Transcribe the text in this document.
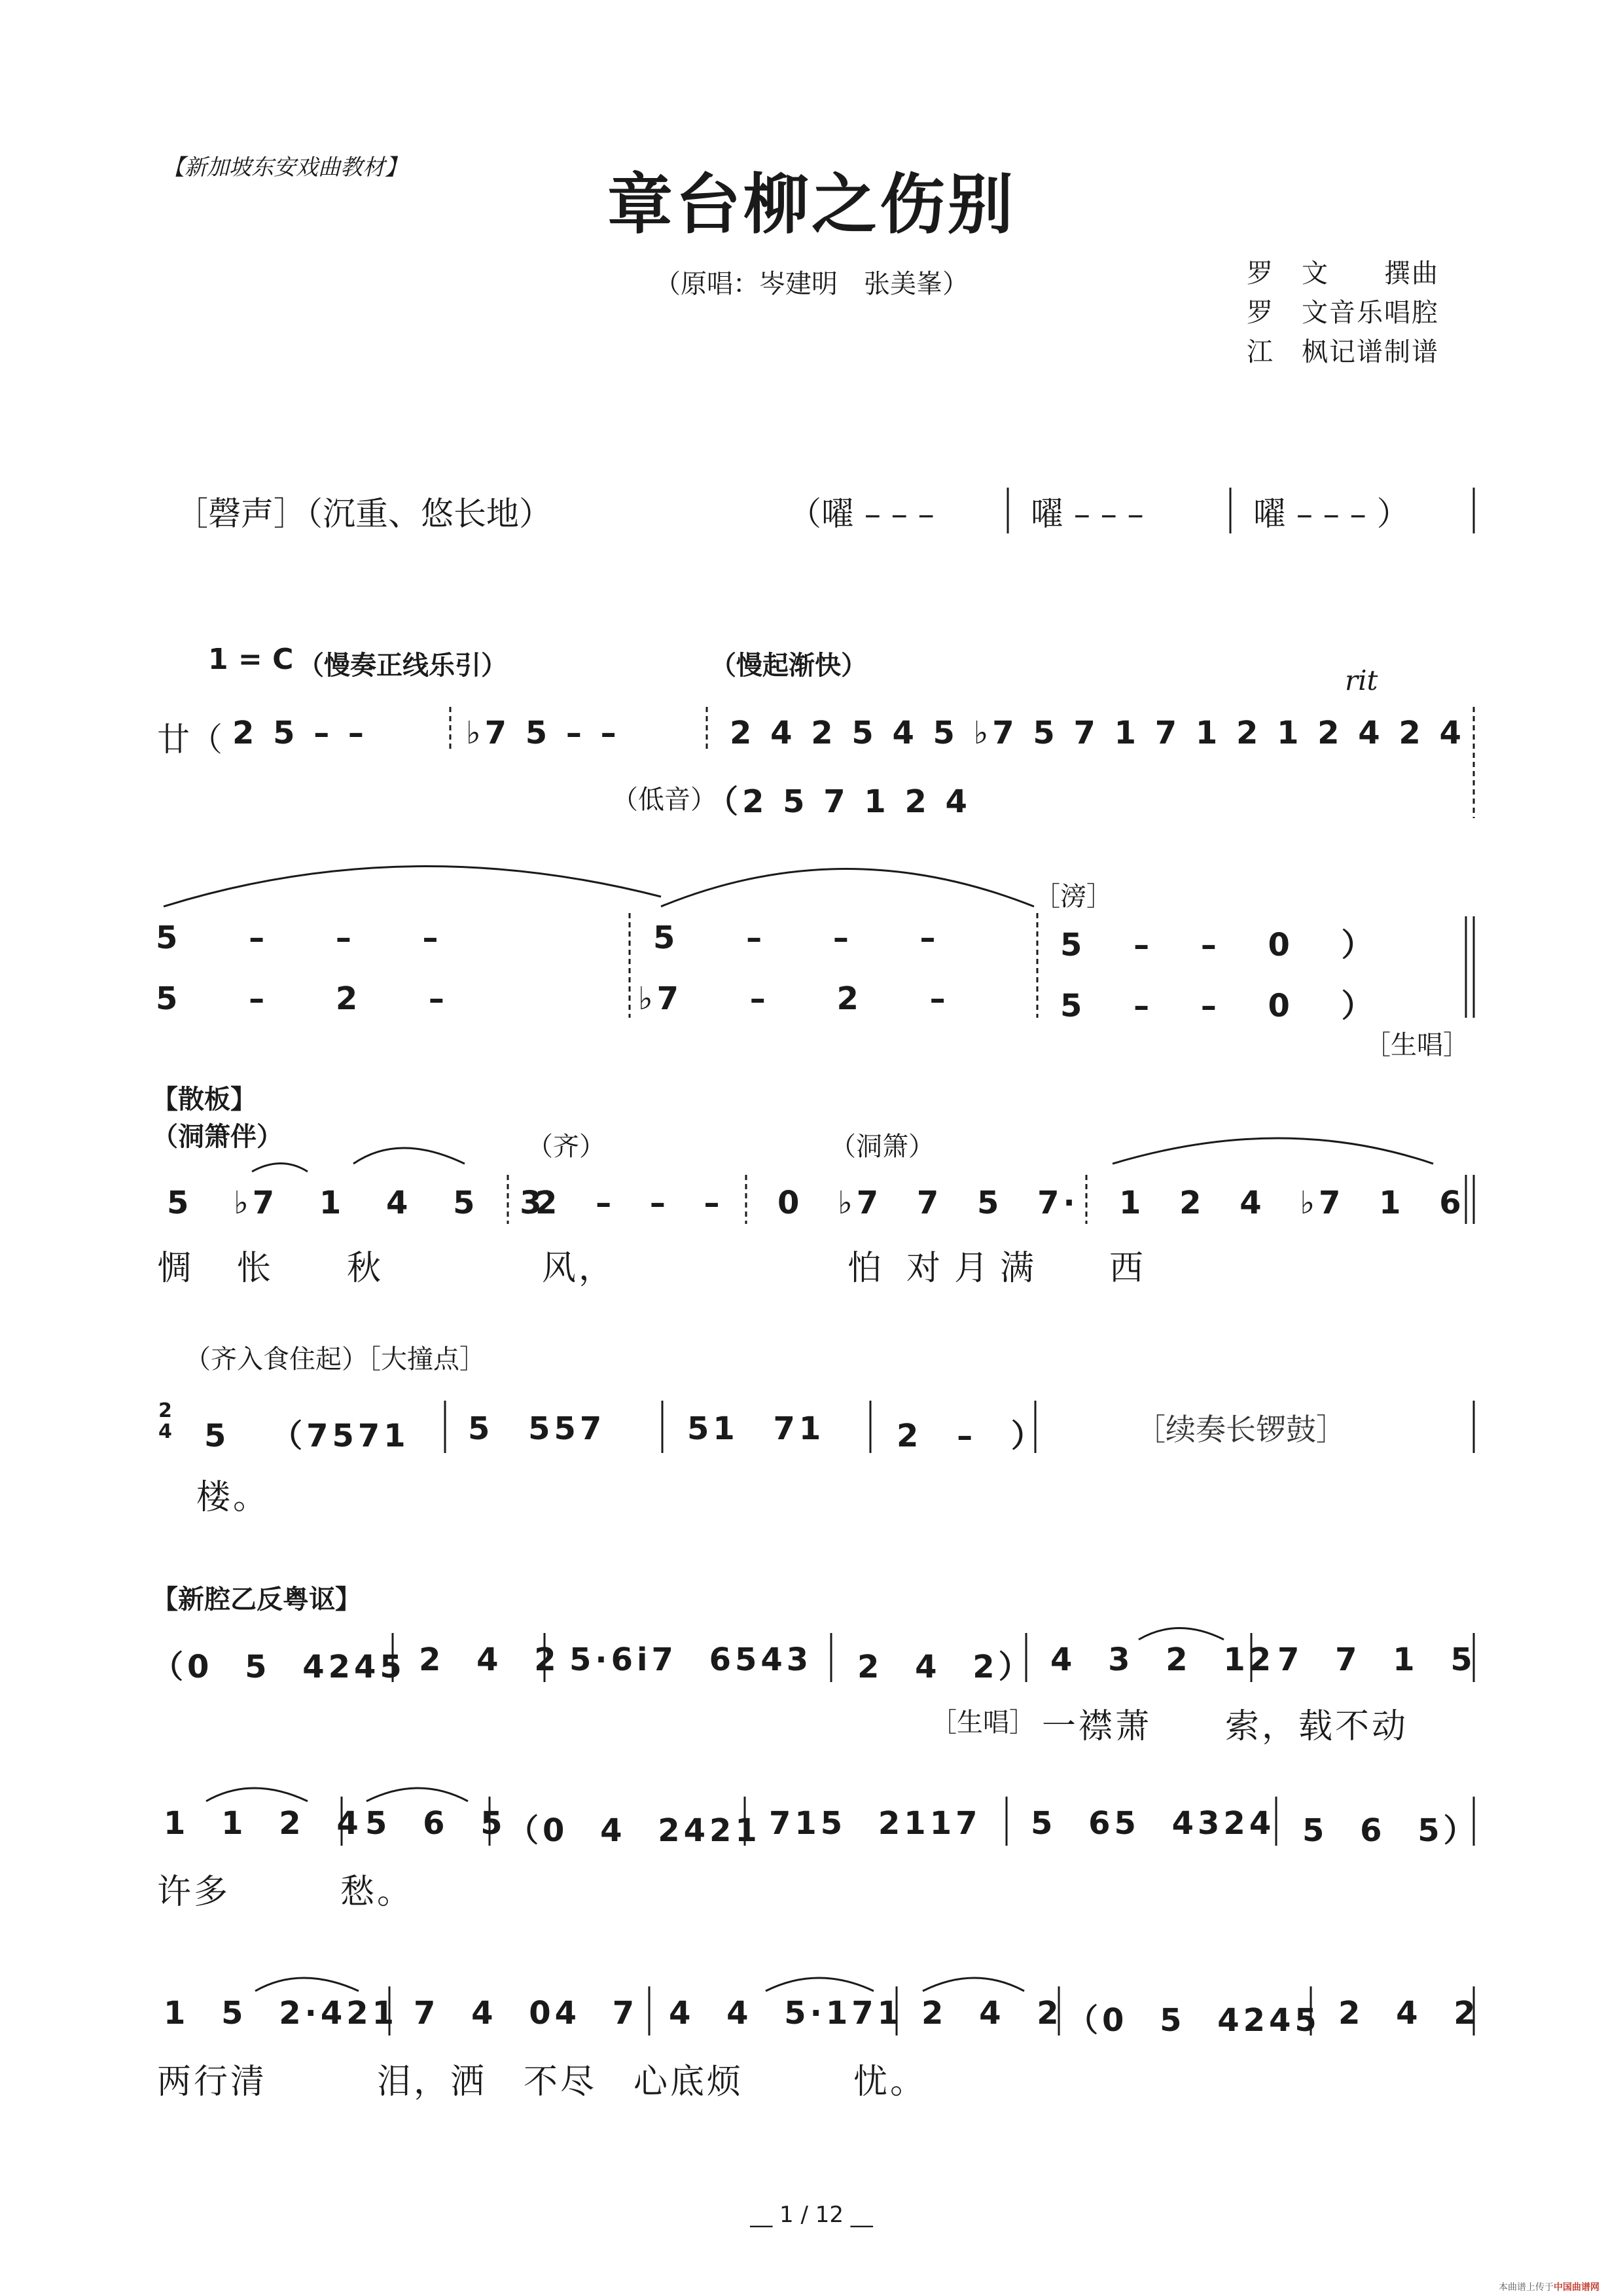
【新加坡东安戏曲教材】	章台柳之伤别
（原唱：岑建明　张美峯）	罗　文　　撰曲
罗　文音乐唱腔
江　枫记谱制谱
［磬声］（沉重、悠长地）	（嚁 – – –	嚁 – – –	嚁 – – – ）
1 = C （慢奏正线乐引）	（慢起渐快）	rit
廿（ 2 5 – –	♭7 5 – –	2 4 2 5 4 5 ♭7 5 7 1 7 1 2 1 2 4 2 4
（低音）
（2 5 7 1 2 4
［滂］
5 – – –	5 – – –	5 – – 0 ）
5 – 2 –	♭7 – 2 –	5 – – 0 ）
［生唱］
【散板】
（洞箫伴）	（齐）	（洞箫）
5 ♭7 1 4 5 3
2 – – – 0 ♭7 7 5 7· 1 2 4 ♭7 1 6
惆 怅 秋	风，	怕 对 月 满 西
（齐入食住起）［大撞点］
2
4 5 （7571 5 557	51 71 2 – ）	［续奏长锣鼓］
楼。
【新腔乙反粤讴】
（0 5 4245 2 4 2 5·6i7 6543 2 4 2） 4 3 2 12 7 7 1 5
［生唱］ 一襟萧　　索，载不动
1 1 2 4 5 6 5 （0 4 2421 715 2117 5 65 4324 5 6 5）
许多　　　愁。
1 5 2·421 7 4 04 7 4 4 5·171 2 4 2 （0 5 4245 2 4 2
两行清　　　泪，洒　不尽　心底烦　　　忧。
__ 1 / 12 __
本曲谱上传于中国曲谱网
